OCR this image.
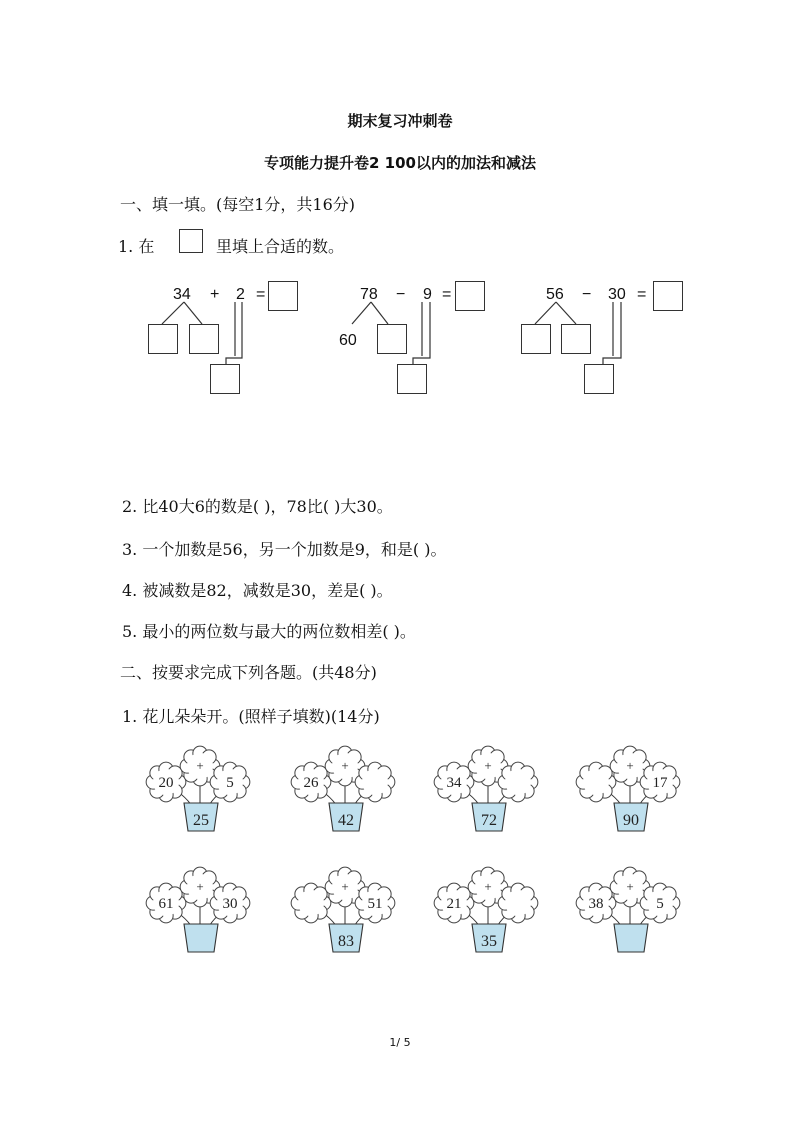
期末复习冲刺卷
专项能力提升卷2 100以内的加法和减法
一、填一填。(每空1分，共16分)
1. 在	里填上合适的数。
34 + 2 =	78 − 9 =
60
56 − 30 =
2. 比40大6的数是( )，78比( )大30。
3. 一个加数是56，另一个加数是9，和是( )。
4. 被减数是82，减数是30，差是( )。
5. 最小的两位数与最大的两位数相差( )。
二、按要求完成下列各题。(共48分)
1. 花儿朵朵开。(照样子填数)(14分)
20
+
5
25
26
+
42
34
+
72
+
17
90
61
+
30
+
51
83
21
+
35
38
+
5
1/ 5
